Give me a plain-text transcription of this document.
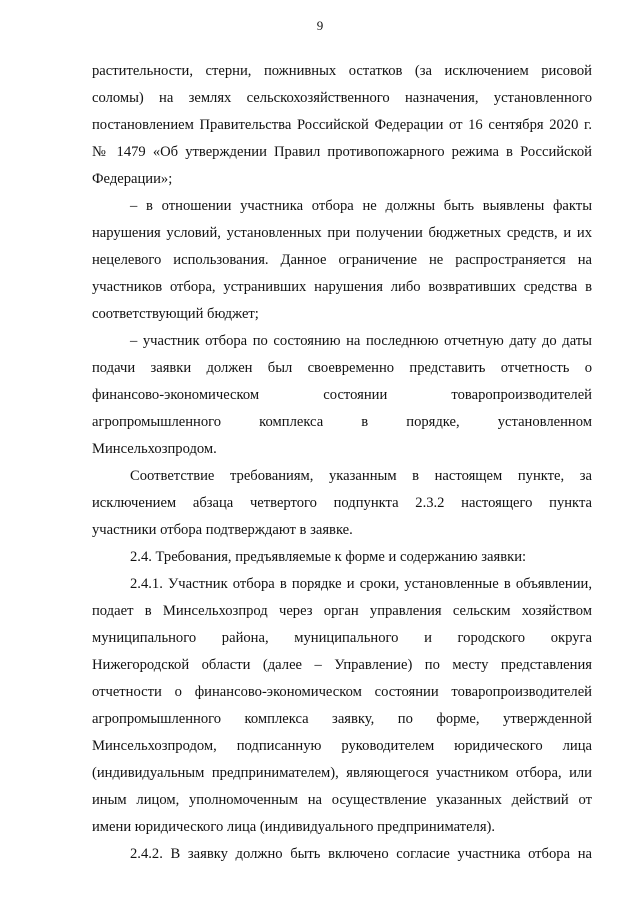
9
растительности, стерни, пожнивных остатков (за исключением рисовой
соломы) на землях сельскохозяйственного назначения, установленного
постановлением Правительства Российской Федерации от 16 сентября 2020 г.
№ 1479 «Об утверждении Правил противопожарного режима в Российской
Федерации»;
– в отношении участника отбора не должны быть выявлены факты
нарушения условий, установленных при получении бюджетных средств, и их
нецелевого использования. Данное ограничение не распространяется на
участников отбора, устранивших нарушения либо возвративших средства в
соответствующий бюджет;
– участник отбора по состоянию на последнюю отчетную дату до даты
подачи заявки должен был своевременно представить отчетность о
финансово-экономическом состоянии товаропроизводителей
агропромышленного комплекса в порядке, установленном
Минсельхозпродом.
Соответствие требованиям, указанным в настоящем пункте, за
исключением абзаца четвертого подпункта 2.3.2 настоящего пункта
участники отбора подтверждают в заявке.
2.4. Требования, предъявляемые к форме и содержанию заявки:
2.4.1. Участник отбора в порядке и сроки, установленные в объявлении,
подает в Минсельхозпрод через орган управления сельским хозяйством
муниципального района, муниципального и городского округа
Нижегородской области (далее – Управление) по месту представления
отчетности о финансово-экономическом состоянии товаропроизводителей
агропромышленного комплекса заявку, по форме, утвержденной
Минсельхозпродом, подписанную руководителем юридического лица
(индивидуальным предпринимателем), являющегося участником отбора, или
иным лицом, уполномоченным на осуществление указанных действий от
имени юридического лица (индивидуального предпринимателя).
2.4.2. В заявку должно быть включено согласие участника отбора на
